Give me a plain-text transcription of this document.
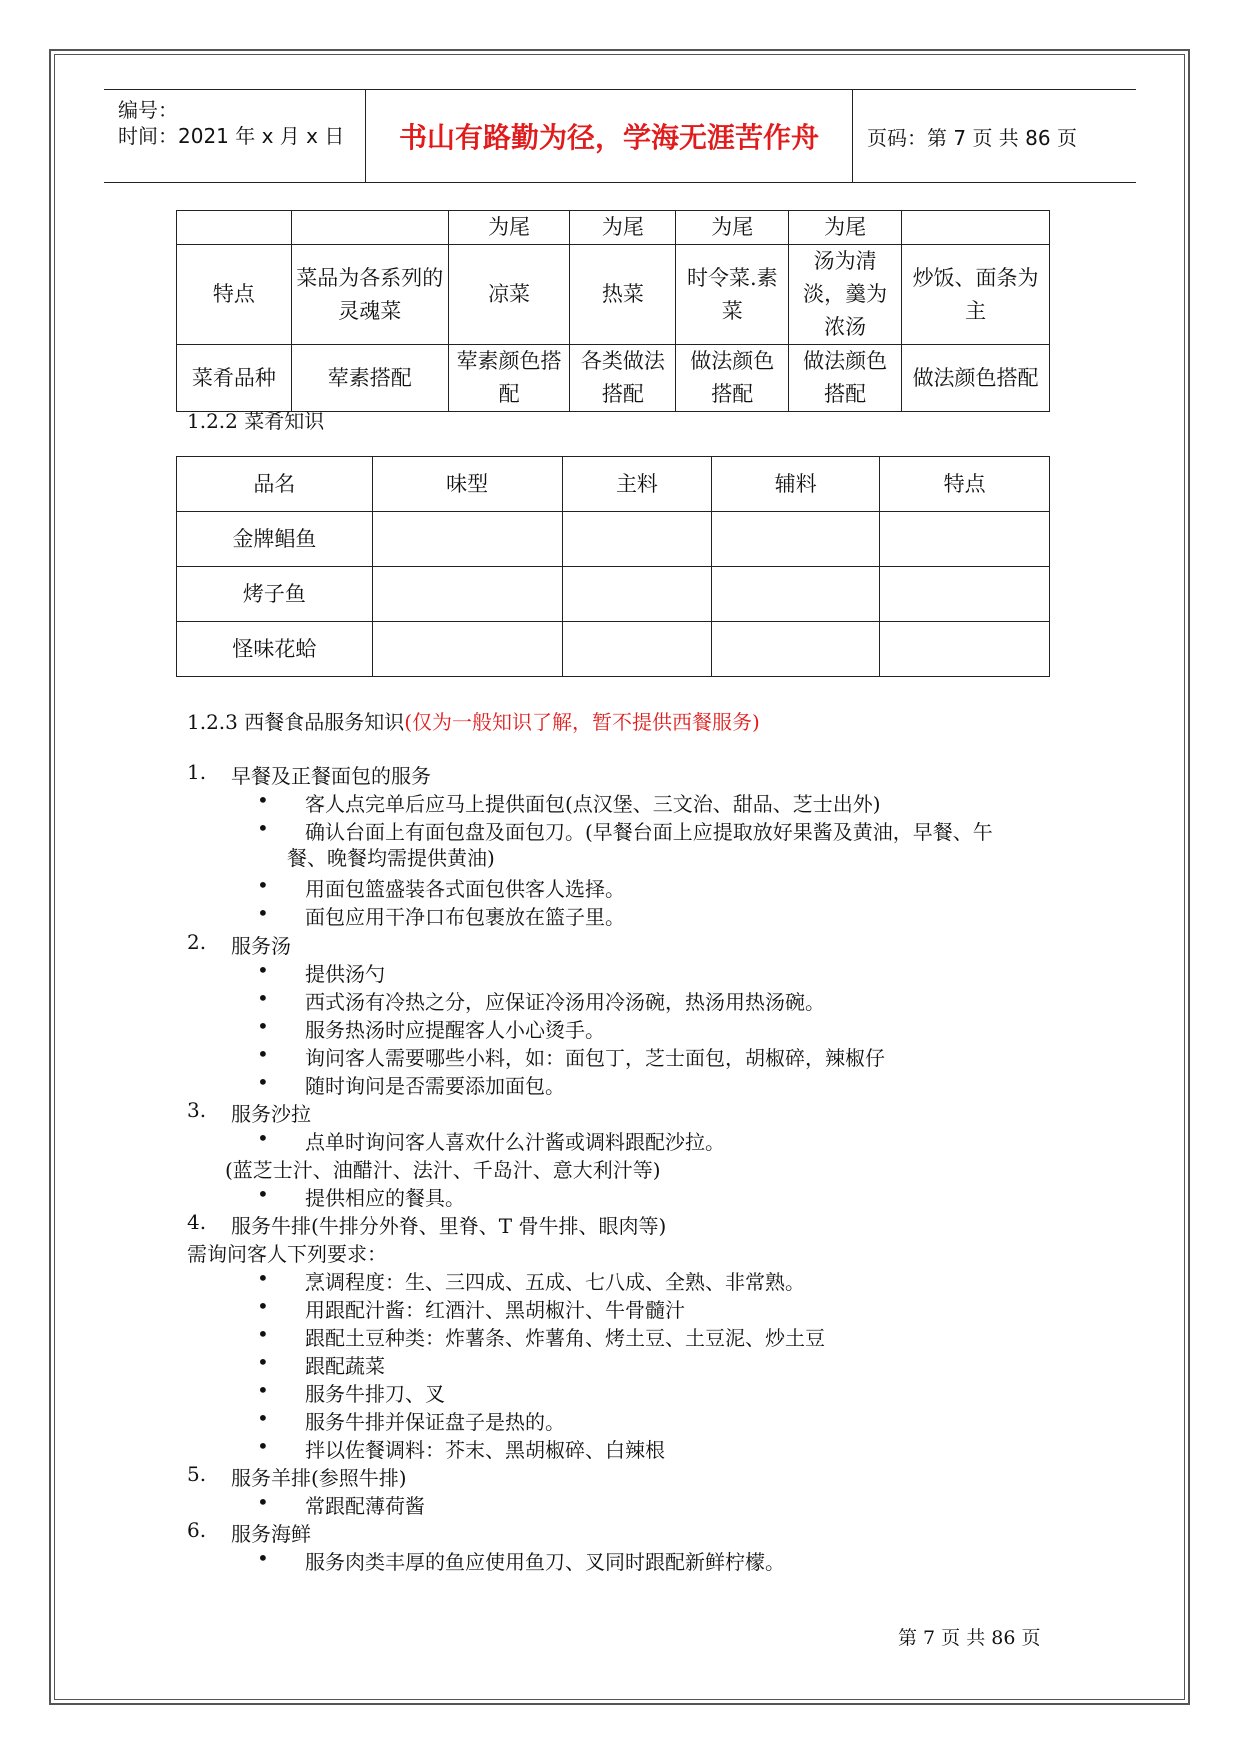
编号：
时间：2021 年 x 月 x 日	书山有路勤为径，学海无涯苦作舟	页码：第 7 页 共 86 页
		为尾	为尾	为尾	为尾	
特点	菜品为各系列的灵魂菜	凉菜	热菜	时令菜.素菜	汤为清淡，羹为浓汤	炒饭、面条为主
菜肴品种	荤素搭配	荤素颜色搭配	各类做法搭配	做法颜色搭配	做法颜色搭配	做法颜色搭配
1.2.2 菜肴知识
品名	味型	主料	辅料	特点
金牌鲳鱼				
烤子鱼				
怪味花蛤				
1.2.3 西餐食品服务知识(仅为一般知识了解，暂不提供西餐服务)
1. 早餐及正餐面包的服务
• 客人点完单后应马上提供面包(点汉堡、三文治、甜品、芝士出外)
• 确认台面上有面包盘及面包刀。(早餐台面上应提取放好果酱及黄油，早餐、午
餐、晚餐均需提供黄油)
• 用面包篮盛装各式面包供客人选择。
• 面包应用干净口布包裹放在篮子里。
2. 服务汤
• 提供汤勺
• 西式汤有冷热之分，应保证冷汤用冷汤碗，热汤用热汤碗。
• 服务热汤时应提醒客人小心烫手。
• 询问客人需要哪些小料，如：面包丁，芝士面包，胡椒碎，辣椒仔
• 随时询问是否需要添加面包。
3. 服务沙拉
• 点单时询问客人喜欢什么汁酱或调料跟配沙拉。
(蓝芝士汁、油醋汁、法汁、千岛汁、意大利汁等)
• 提供相应的餐具。
4. 服务牛排(牛排分外脊、里脊、T 骨牛排、眼肉等)
需询问客人下列要求：
• 烹调程度：生、三四成、五成、七八成、全熟、非常熟。
• 用跟配汁酱：红酒汁、黑胡椒汁、牛骨髓汁
• 跟配土豆种类：炸薯条、炸薯角、烤土豆、土豆泥、炒土豆
• 跟配蔬菜
• 服务牛排刀、叉
• 服务牛排并保证盘子是热的。
• 拌以佐餐调料：芥末、黑胡椒碎、白辣根
5. 服务羊排(参照牛排)
• 常跟配薄荷酱
6. 服务海鲜
• 服务肉类丰厚的鱼应使用鱼刀、叉同时跟配新鲜柠檬。
第 7 页 共 86 页
